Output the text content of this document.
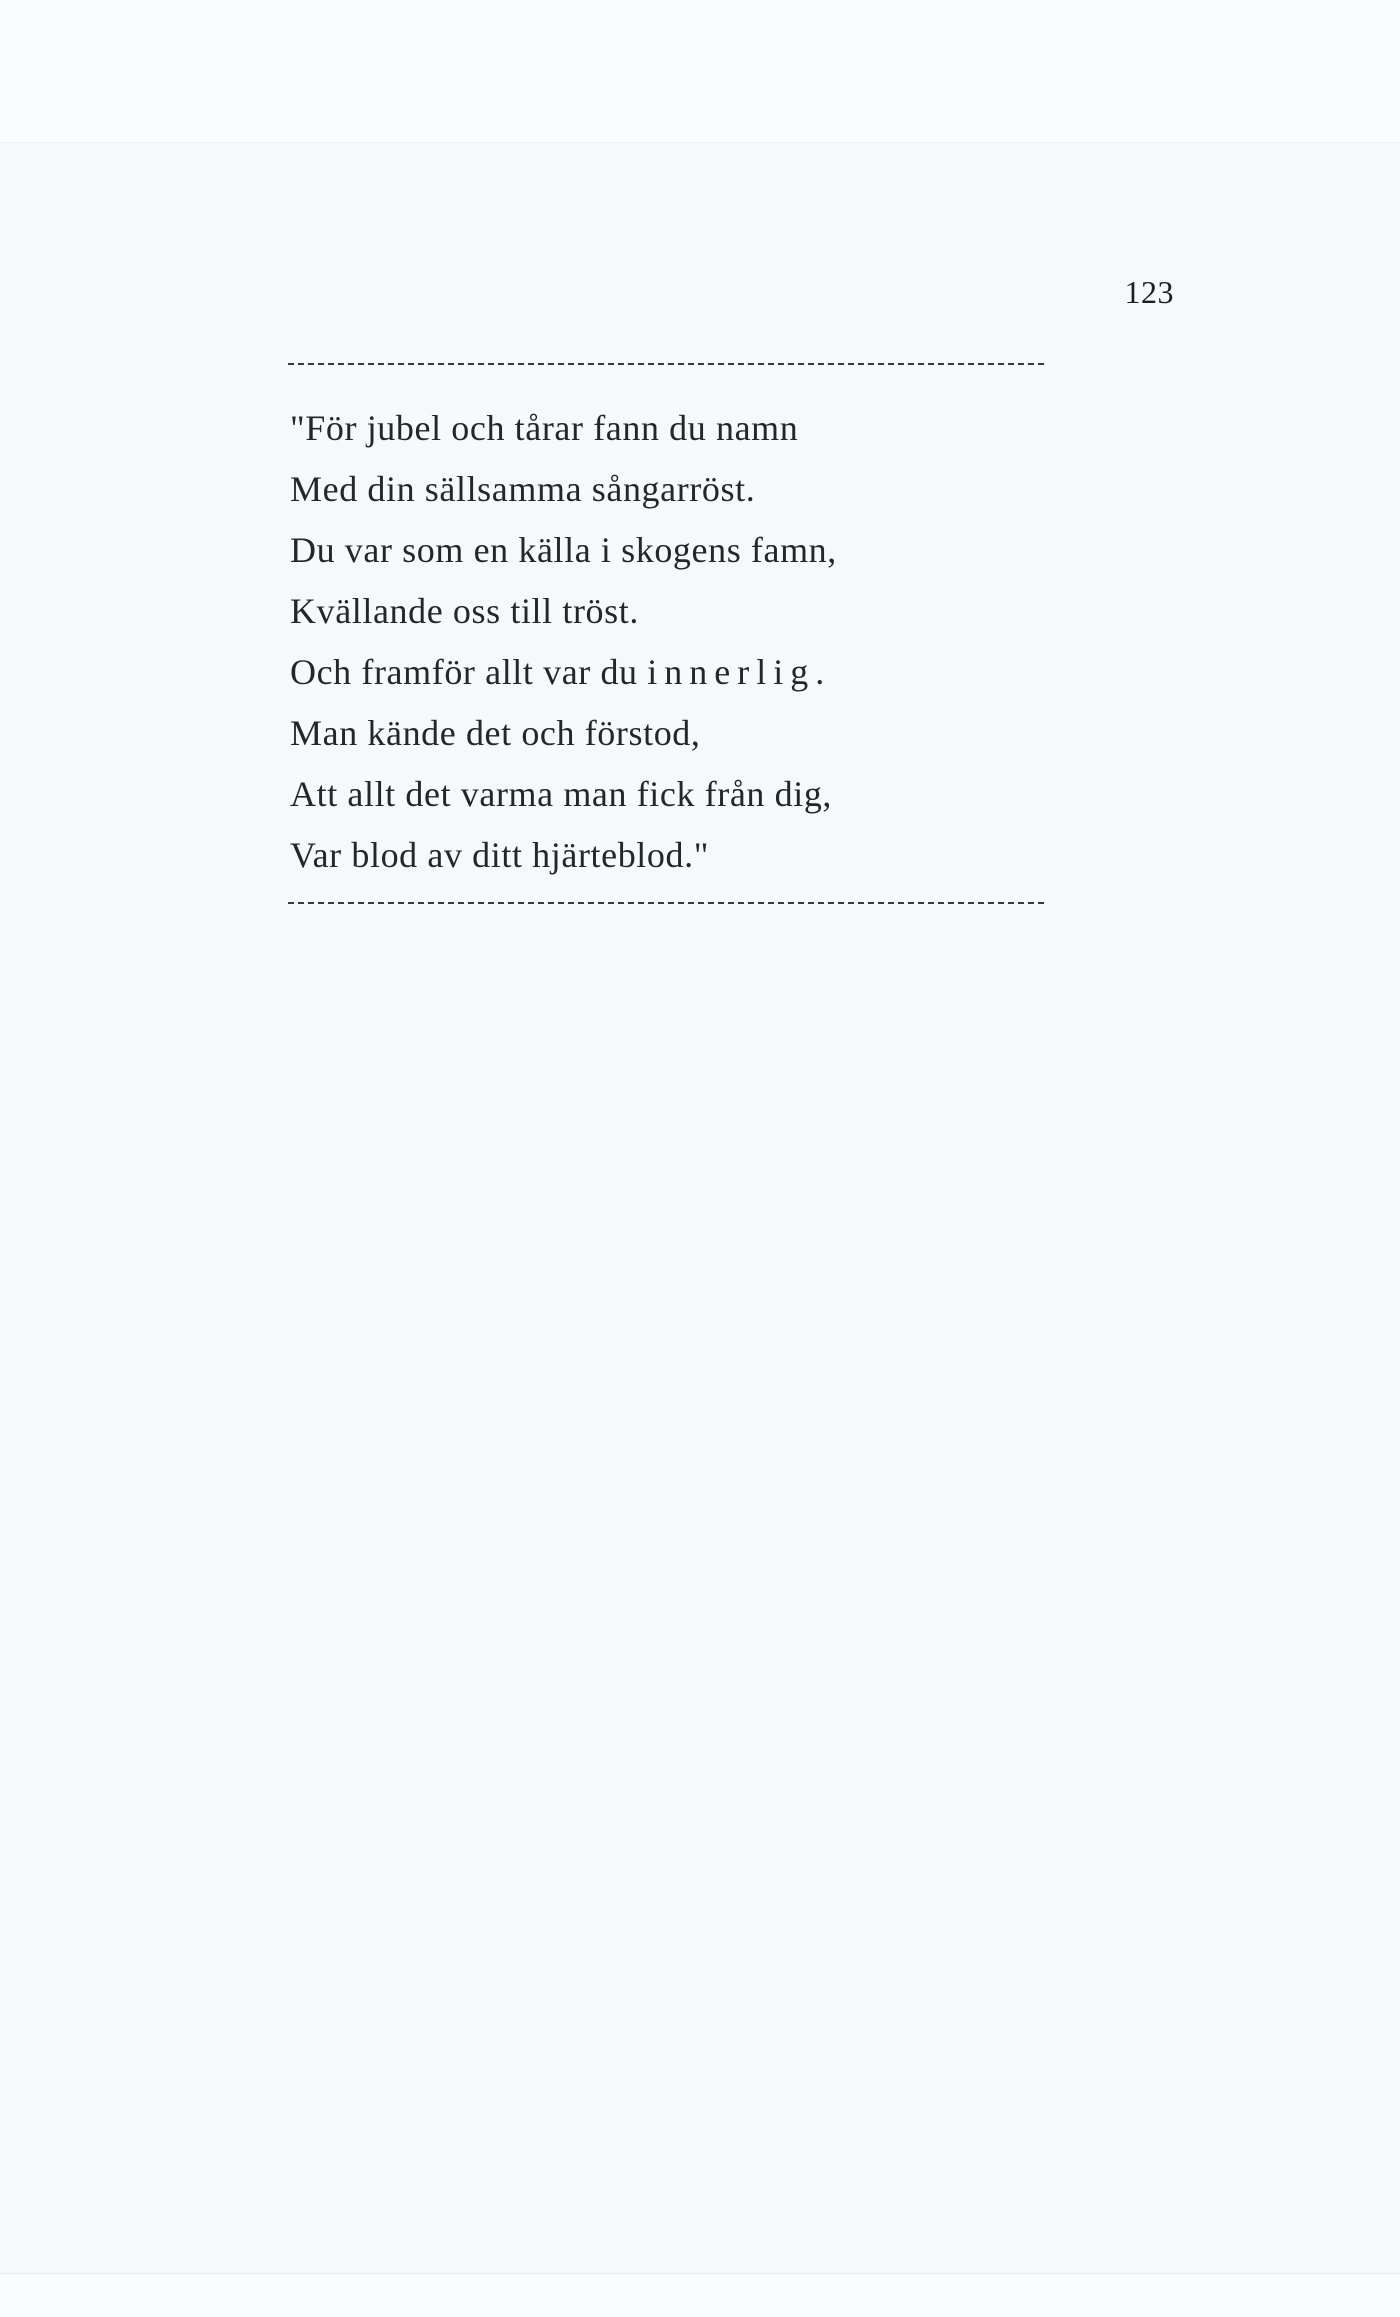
123
"För jubel och tårar fann du namn
Med din sällsamma sångarröst.
Du var som en källa i skogens famn,
Kvällande oss till tröst.
Och framför allt var du innerlig.
Man kände det och förstod,
Att allt det varma man fick från dig,
Var blod av ditt hjärteblod."
